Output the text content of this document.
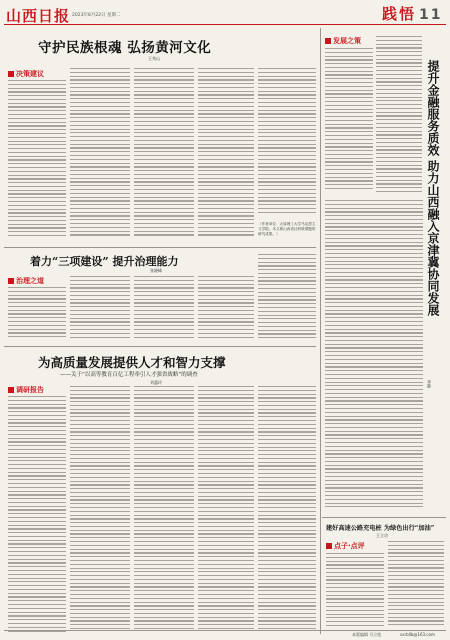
山西日报 2023年8月22日 星期二	践悟 11
守护民族根魂 弘扬黄河文化
王秀山
决策建议
（作者单位：太原理工大学马克思主义学院。本文系山西省社科联课题的研究成果。）
着力“三项建设” 提升治理能力
张晓峰
治理之道
为高质量发展提供人才和智力支撑
——关于“以高等教育百亿工程牵引人才强省战略”的调查
刘惠玲
调研报告
发展之策
提升金融服务质效 助力山西融入京津冀协同发展
李静
建好高速公路充电桩 为绿色出行“加油”
王立功
点子·点评
本版编辑 马立欣	sxrbllb@163.com
